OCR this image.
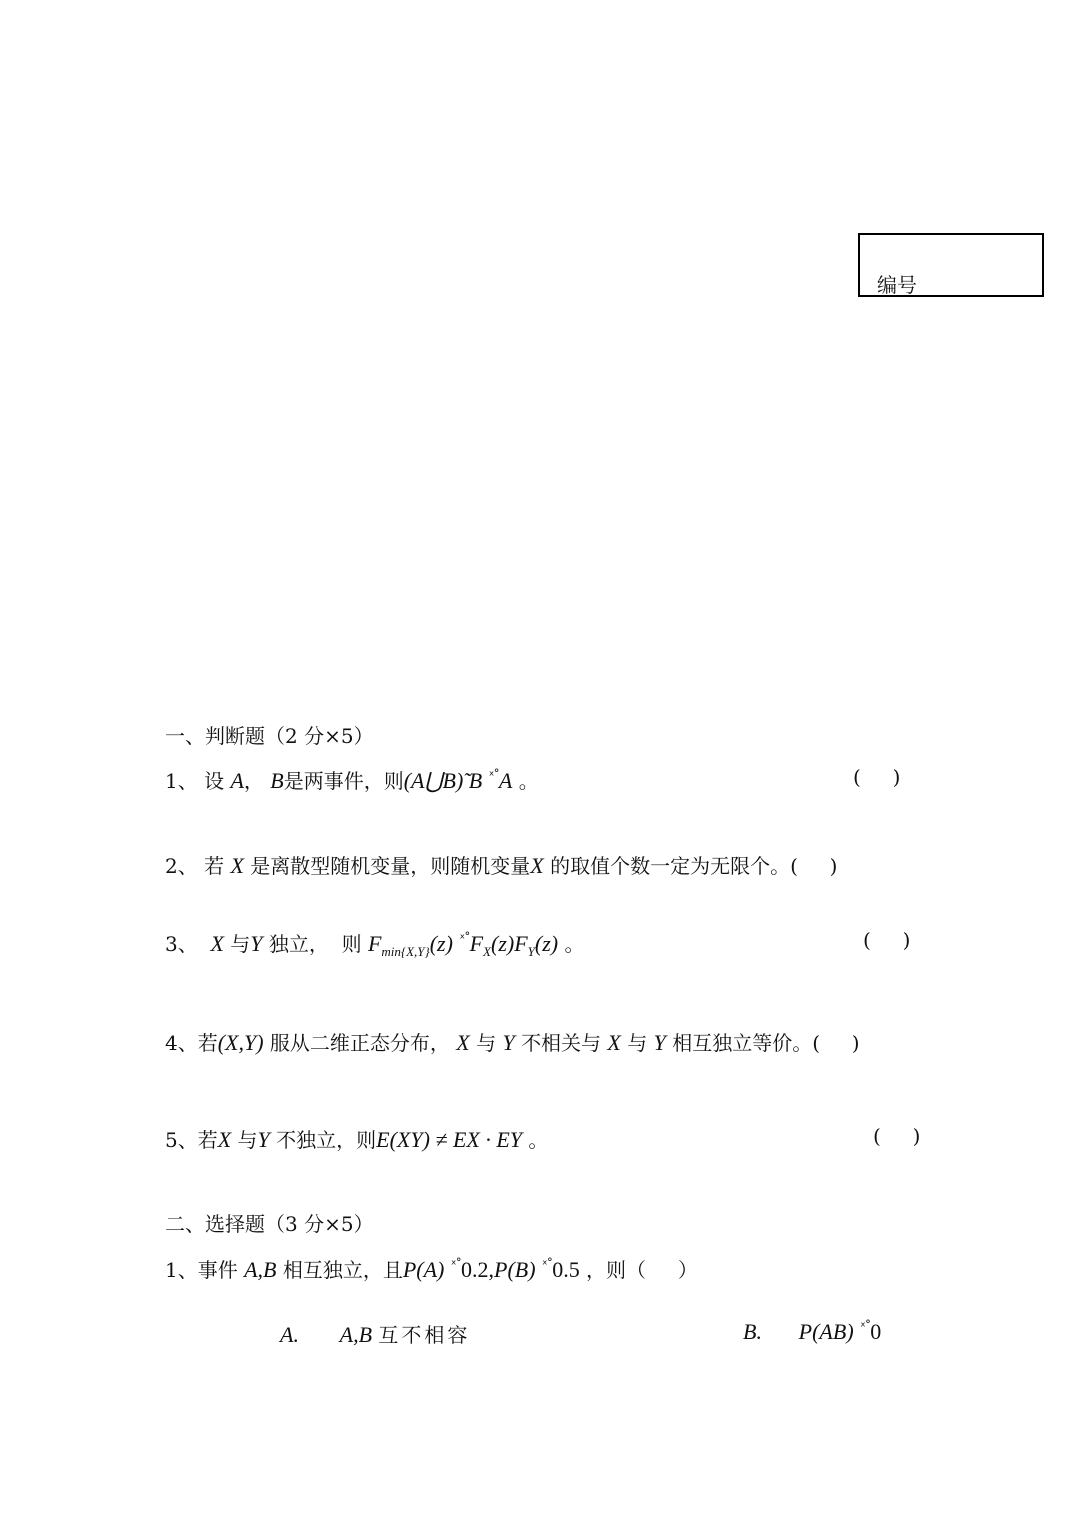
编号
一、判断题（2 分×5）
1、 设 A， B是两事件，则(A⋃B)̃ B $^{ˣ˚}$A 。	(     )
2、 若 X 是离散型随机变量，则随机变量X 的取值个数一定为无限个。(     )
3、 X 与Y 独立，  则 $F_{min\{X,Y\}}(z)$ $^{ˣ˚}F_X(z)F_Y(z)$ 。	(     )
4、若(X,Y) 服从二维正态分布， X 与 Y 不相关与 X 与 Y 相互独立等价。(     )
5、若X 与Y 不独立，则E(XY) ≠ EX · EY 。	(     )
二、选择题（3 分×5）
1、事件 A,B 相互独立，且P(A) $^{ˣ˚}$0.2,P(B) $^{ˣ˚}$0.5 ，则（     ）
A. A,B 互不相容	B. P(AB) $^{ˣ˚}$0
